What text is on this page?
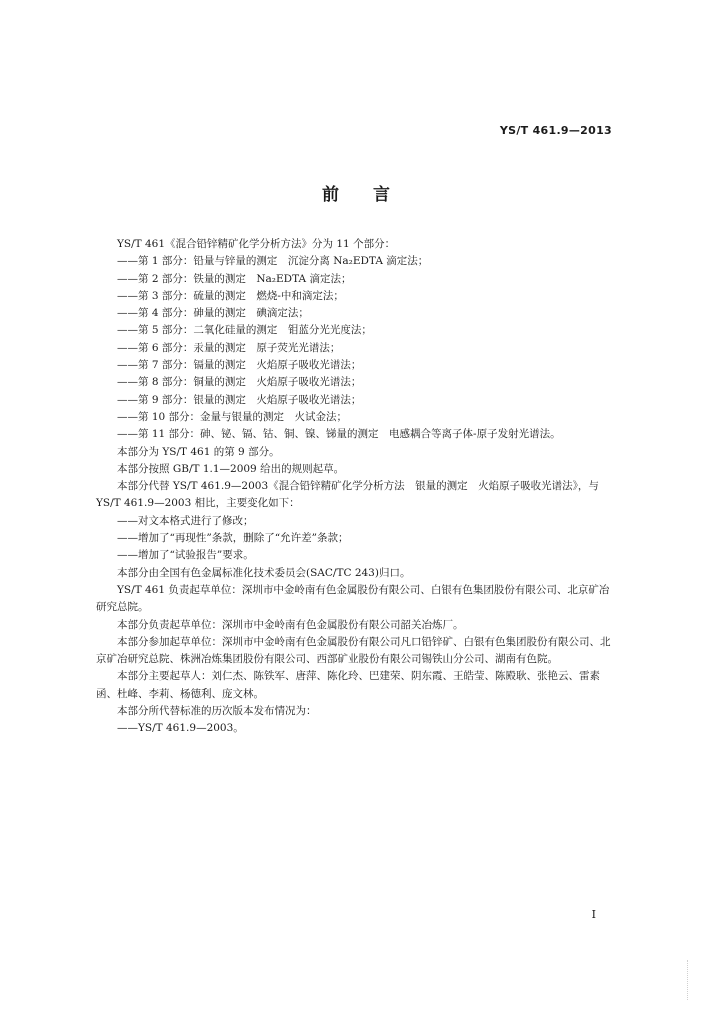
YS/T 461.9—2013
前言

YS/T 461《混合铅锌精矿化学分析方法》分为 11 个部分：

——第 1 部分：铅量与锌量的测定　沉淀分离 Na₂EDTA 滴定法；

——第 2 部分：铁量的测定　Na₂EDTA 滴定法；

——第 3 部分：硫量的测定　燃烧-中和滴定法；

——第 4 部分：砷量的测定　碘滴定法；

——第 5 部分：二氧化硅量的测定　钼蓝分光光度法；

——第 6 部分：汞量的测定　原子荧光光谱法；

——第 7 部分：镉量的测定　火焰原子吸收光谱法；

——第 8 部分：铜量的测定　火焰原子吸收光谱法；

——第 9 部分：银量的测定　火焰原子吸收光谱法；

——第 10 部分：金量与银量的测定　火试金法；

——第 11 部分：砷、铋、镉、钴、铜、镍、锑量的测定　电感耦合等离子体-原子发射光谱法。

本部分为 YS/T 461 的第 9 部分。

本部分按照 GB/T 1.1—2009 给出的规则起草。

本部分代替 YS/T 461.9—2003《混合铅锌精矿化学分析方法　银量的测定　火焰原子吸收光谱法》，与 YS/T 461.9—2003 相比，主要变化如下：

——对文本格式进行了修改；

——增加了“再现性”条款，删除了“允许差”条款；

——增加了“试验报告”要求。

本部分由全国有色金属标准化技术委员会(SAC/TC 243)归口。

YS/T 461 负责起草单位：深圳市中金岭南有色金属股份有限公司、白银有色集团股份有限公司、北京矿冶研究总院。

本部分负责起草单位：深圳市中金岭南有色金属股份有限公司韶关冶炼厂。

本部分参加起草单位：深圳市中金岭南有色金属股份有限公司凡口铅锌矿、白银有色集团股份有限公司、北京矿冶研究总院、株洲冶炼集团股份有限公司、西部矿业股份有限公司锡铁山分公司、湖南有色院。

本部分主要起草人：刘仁杰、陈铁军、唐萍、陈化玲、巴建荣、阴东霞、王皓莹、陈殿耿、张艳云、雷素函、杜峰、李莉、杨德利、庞文林。

本部分所代替标准的历次版本发布情况为：

——YS/T 461.9—2003。

I
